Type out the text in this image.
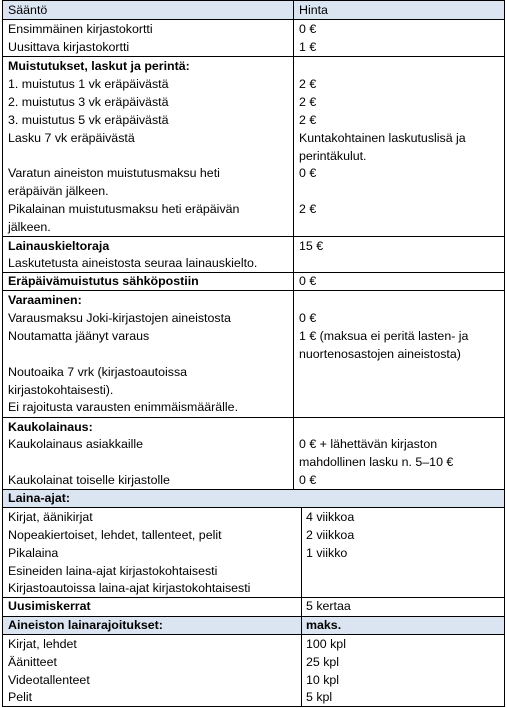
Sääntö	Hinta
Ensimmäinen kirjastokortti	0 €
Uusittava kirjastokortti	1 €
Muistutukset, laskut ja perintä:
1. muistutus 1 vk eräpäivästä	2 €
2. muistutus 3 vk eräpäivästä	2 €
3. muistutus 5 vk eräpäivästä	2 €
Lasku 7 vk eräpäivästä	Kuntakohtainen laskutuslisä ja
perintäkulut.
Varatun aineiston muistutusmaksu heti	0 €
eräpäivän jälkeen.
Pikalainan muistutusmaksu heti eräpäivän	2 €
jälkeen.
Lainauskieltoraja	15 €
Laskutetusta aineistosta seuraa lainauskielto.
Eräpäivämuistutus sähköpostiin	0 €
Varaaminen:
Varausmaksu Joki-kirjastojen aineistosta	0 €
Noutamatta jäänyt varaus	1 € (maksua ei peritä lasten- ja
nuortenosastojen aineistosta)
Noutoaika 7 vrk (kirjastoautoissa
kirjastokohtaisesti).
Ei rajoitusta varausten enimmäismäärälle.
Kaukolainaus:
Kaukolainaus asiakkaille	0 € + lähettävän kirjaston
mahdollinen lasku n. 5–10 €
Kaukolainat toiselle kirjastolle	0 €
Laina-ajat:
Kirjat, äänikirjat	4 viikkoa
Nopeakiertoiset, lehdet, tallenteet, pelit	2 viikkoa
Pikalaina	1 viikko
Esineiden laina-ajat kirjastokohtaisesti
Kirjastoautoissa laina-ajat kirjastokohtaisesti
Uusimiskerrat	5 kertaa
Aineiston lainarajoitukset:	maks.
Kirjat, lehdet	100 kpl
Äänitteet	25 kpl
Videotallenteet	10 kpl
Pelit	5 kpl
